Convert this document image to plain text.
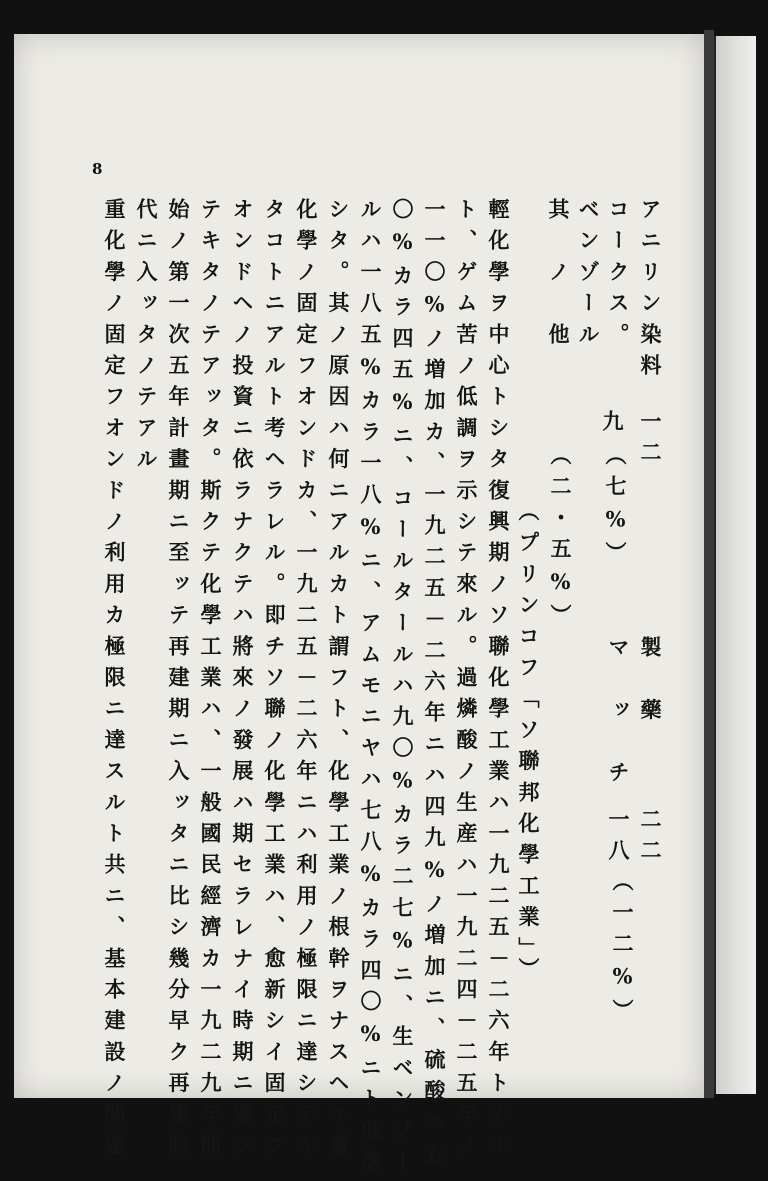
8
アニリン染料
一二
製　藥
二二
コークス。
マ　ッ　チ
一八
（一二%）
ベンゾール
九
（七%）
其　ノ　他
（二・五%）
（プリンコフ「ソ聯邦化學工業」）
輕化學ヲ中心トシタ復興期ノソ聯化學工業ハ一九二五－二六年トナル
ト、ゲム苦ノ低調ヲ示シテ來ル。過燐酸ノ生産ハ一九二四－二五年ノ
一一〇%ノ増加カ、一九二五－二六年ニハ四九%ノ増加ニ、硫酸ハ五
〇%カラ四五%ニ、コールタールハ九〇%カラ二七%ニ、生ベンゾー
ルハ一八五%カラ一八%ニ、アムモニヤハ七八%カラ四〇%ニト低落
シタ。其ノ原因ハ何ニアルカト謂フト、化學工業ノ根幹ヲナスヘキ重
化學ノ固定フオンドカ、一九二五－二六年ニハ利用ノ極限ニ達シテキ
タコトニアルト考ヘラレル。即チソ聯ノ化學工業ハ、愈新シイ固定フ
オンドヘノ投資ニ依ラナクテハ將來ノ發展ハ期セラレナイ時期ニ達シ
テキタノテアッタ。斯クテ化學工業ハ、一般國民經濟カ一九二九年開
始ノ第一次五年計畫期ニ至ッテ再建期ニ入ッタニ比シ幾分早ク再建時
代ニ入ッタノテアル
重化學ノ固定フオンドノ利用カ極限ニ達スルト共ニ、基本建設ノ問題
